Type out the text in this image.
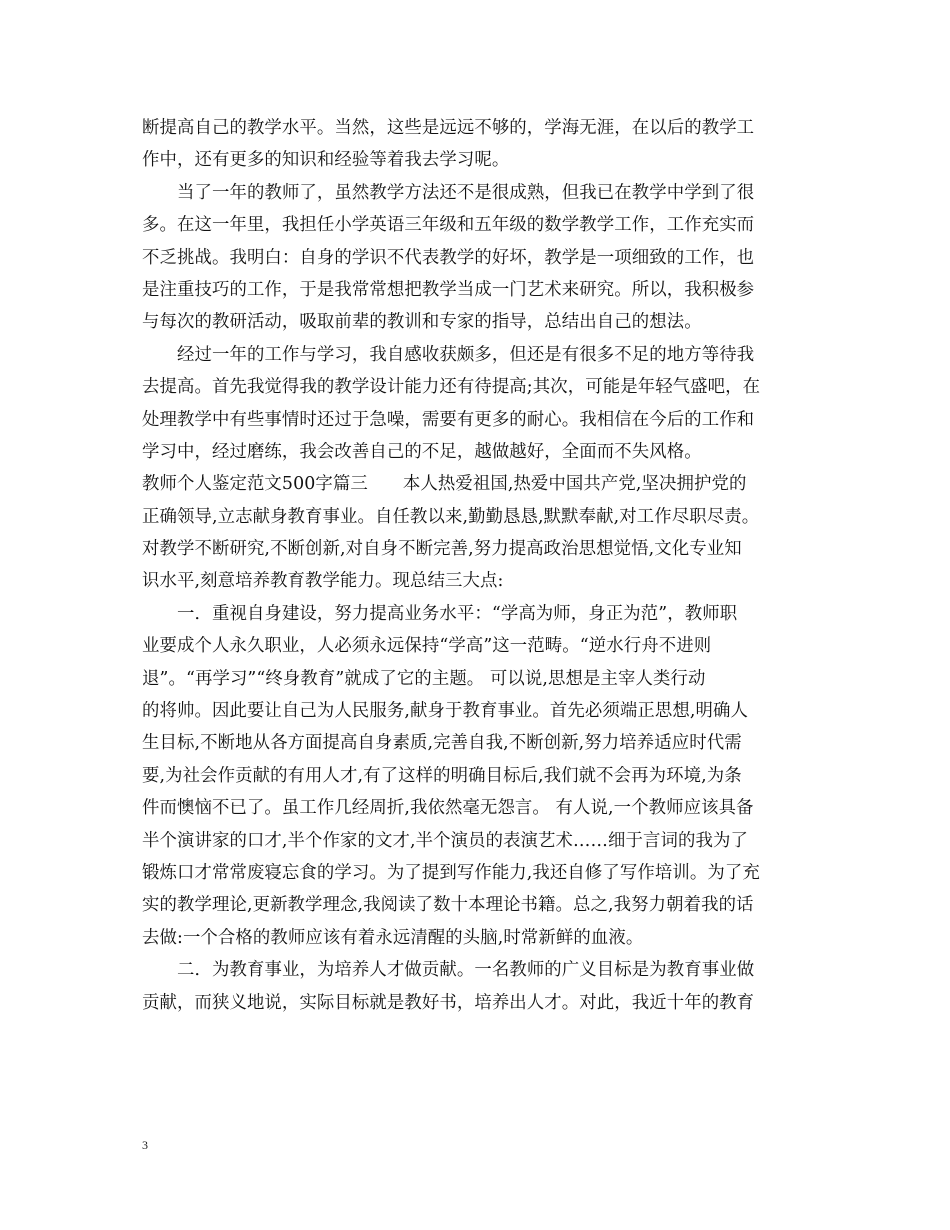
断提高自己的教学水平。当然，这些是远远不够的，学海无涯，在以后的教学工
作中，还有更多的知识和经验等着我去学习呢。
当了一年的教师了，虽然教学方法还不是很成熟，但我已在教学中学到了很
多。在这一年里，我担任小学英语三年级和五年级的数学教学工作，工作充实而
不乏挑战。我明白：自身的学识不代表教学的好坏，教学是一项细致的工作，也
是注重技巧的工作，于是我常常想把教学当成一门艺术来研究。所以，我积极参
与每次的教研活动，吸取前辈的教训和专家的指导，总结出自己的想法。
经过一年的工作与学习，我自感收获颇多，但还是有很多不足的地方等待我
去提高。首先我觉得我的教学设计能力还有待提高;其次，可能是年轻气盛吧，在
处理教学中有些事情时还过于急噪，需要有更多的耐心。我相信在今后的工作和
学习中，经过磨练，我会改善自己的不足，越做越好，全面而不失风格。
教师个人鉴定范文500字篇三　　本人热爱祖国,热爱中国共产党,坚决拥护党的
正确领导,立志献身教育事业。自任教以来,勤勤恳恳,默默奉献,对工作尽职尽责。
对教学不断研究,不断创新,对自身不断完善,努力提高政治思想觉悟,文化专业知
识水平,刻意培养教育教学能力。现总结三大点:
一．重视自身建设，努力提高业务水平：“学高为师，身正为范”，教师职
业要成个人永久职业，人必须永远保持“学高”这一范畴。“逆水行舟不进则
退”。“再学习”“终身教育”就成了它的主题。 可以说,思想是主宰人类行动
的将帅。因此要让自己为人民服务,献身于教育事业。首先必须端正思想,明确人
生目标,不断地从各方面提高自身素质,完善自我,不断创新,努力培养适应时代需
要,为社会作贡献的有用人才,有了这样的明确目标后,我们就不会再为环境,为条
件而懊恼不已了。虽工作几经周折,我依然毫无怨言。 有人说,一个教师应该具备
半个演讲家的口才,半个作家的文才,半个演员的表演艺术……细于言词的我为了
锻炼口才常常废寝忘食的学习。为了提到写作能力,我还自修了写作培训。为了充
实的教学理论,更新教学理念,我阅读了数十本理论书籍。总之,我努力朝着我的话
去做:一个合格的教师应该有着永远清醒的头脑,时常新鲜的血液。
二．为教育事业，为培养人才做贡献。一名教师的广义目标是为教育事业做
贡献，而狭义地说，实际目标就是教好书，培养出人才。对此，我近十年的教育
3
